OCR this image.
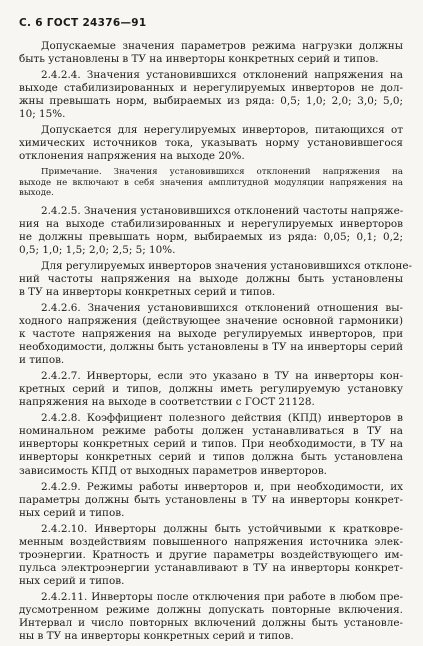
С. 6 ГОСТ 24376—91
Допускаемые значения параметров режима нагрузки должны
быть установлены в ТУ на инверторы конкретных серий и типов.
2.4.2.4. Значения установившихся отклонений напряжения на
выходе стабилизированных и нерегулируемых инверторов не дол-
жны превышать норм, выбираемых из ряда: 0,5; 1,0; 2,0; 3,0; 5,0;
10; 15%.
Допускается для нерегулируемых инверторов, питающихся от
химических источников тока, указывать норму установившегося
отклонения напряжения на выходе 20%.
Примечание. Значения установившихся отклонений напряжения на
выходе не включают в себя значения амплитудной модуляции напряжения на
выходе.
2.4.2.5. Значения установившихся отклонений частоты напряже-
ния на выходе стабилизированных и нерегулируемых инверторов
не должны превышать норм, выбираемых из ряда: 0,05; 0,1; 0,2;
0,5; 1,0; 1,5; 2,0; 2,5; 5; 10%.
Для регулируемых инверторов значения установившихся отклоне-
ний частоты напряжения на выходе должны быть установлены
в ТУ на инверторы конкретных серий и типов.
2.4.2.6. Значения установившихся отклонений отношения вы-
ходного напряжения (действующее значение основной гармоники)
к частоте напряжения на выходе регулируемых инверторов, при
необходимости, должны быть установлены в ТУ на инверторы серий
и типов.
2.4.2.7. Инверторы, если это указано в ТУ на инверторы кон-
кретных серий и типов, должны иметь регулируемую установку
напряжения на выходе в соответствии с ГОСТ 21128.
2.4.2.8. Коэффициент полезного действия (КПД) инверторов в
номинальном режиме работы должен устанавливаться в ТУ на
инверторы конкретных серий и типов. При необходимости, в ТУ на
инверторы конкретных серий и типов должна быть установлена
зависимость КПД от выходных параметров инверторов.
2.4.2.9. Режимы работы инверторов и, при необходимости, их
параметры должны быть установлены в ТУ на инверторы конкрет-
ных серий и типов.
2.4.2.10. Инверторы должны быть устойчивыми к кратковре-
менным воздействиям повышенного напряжения источника элек-
троэнергии. Кратность и другие параметры воздействующего им-
пульса электроэнергии устанавливают в ТУ на инверторы конкрет-
ных серий и типов.
2.4.2.11. Инверторы после отключения при работе в любом пре-
дусмотренном режиме должны допускать повторные включения.
Интервал и число повторных включений должны быть установле-
ны в ТУ на инверторы конкретных серий и типов.
